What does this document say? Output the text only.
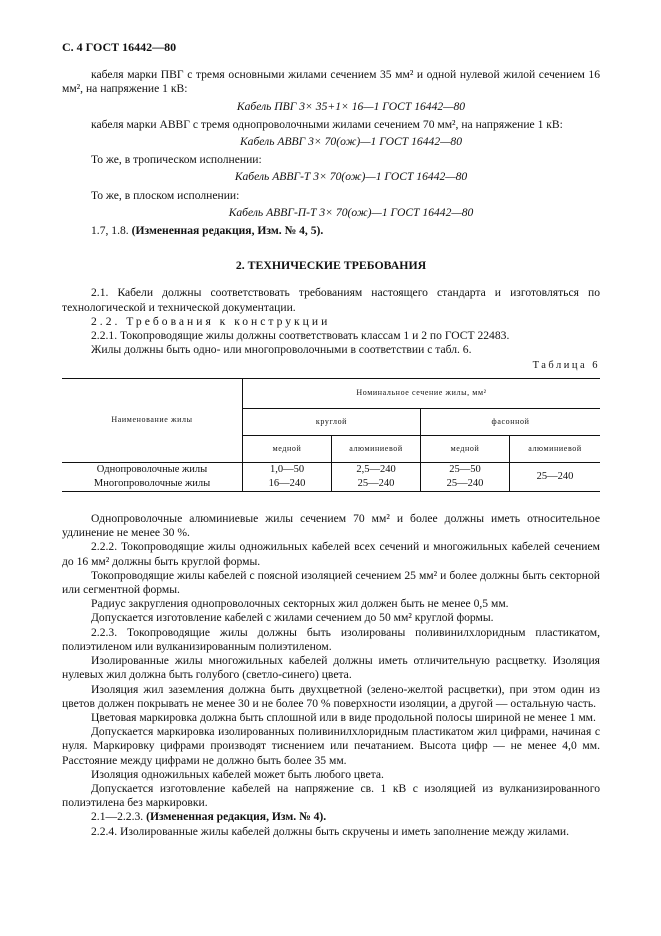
С. 4 ГОСТ 16442—80

кабеля марки ПВГ с тремя основными жилами сечением 35 мм² и одной нулевой жилой сечением 16 мм², на напряжение 1 кВ:

Кабель ПВГ 3× 35+1× 16—1 ГОСТ 16442—80

кабеля марки АВВГ с тремя однопроволочными жилами сечением 70 мм², на напряжение 1 кВ:

Кабель АВВГ 3× 70(ож)—1 ГОСТ 16442—80

То же, в тропическом исполнении:

Кабель АВВГ-Т 3× 70(ож)—1 ГОСТ 16442—80

То же, в плоском исполнении:

Кабель АВВГ-П-Т 3× 70(ож)—1 ГОСТ 16442—80

1.7, 1.8. (Измененная редакция, Изм. № 4, 5).

2. ТЕХНИЧЕСКИЕ ТРЕБОВАНИЯ

2.1. Кабели должны соответствовать требованиям настоящего стандарта и изготовляться по технологической и технической документации.

2.2. Требования к конструкции

2.2.1. Токопроводящие жилы должны соответствовать классам 1 и 2 по ГОСТ 22483.

Жилы должны быть одно- или многопроволочными в соответствии с табл. 6.

Таблица 6
Наименование жилы	Номинальное сечение жилы, мм²			
	круглой		фасонной	
	медной	алюминиевой	медной	алюминиевой
Однопроволочные жилы	1,0—50	2,5—240	25—50	25—240
Многопроволочные жилы	16—240	25—240	25—240	

Однопроволочные алюминиевые жилы сечением 70 мм² и более должны иметь относительное удлинение не менее 30 %.

2.2.2. Токопроводящие жилы одножильных кабелей всех сечений и многожильных кабелей сечением до 16 мм² должны быть круглой формы.

Токопроводящие жилы кабелей с поясной изоляцией сечением 25 мм² и более должны быть секторной или сегментной формы.

Радиус закругления однопроволочных секторных жил должен быть не менее 0,5 мм.

Допускается изготовление кабелей с жилами сечением до 50 мм² круглой формы.

2.2.3. Токопроводящие жилы должны быть изолированы поливинилхлоридным пластикатом, полиэтиленом или вулканизированным полиэтиленом.

Изолированные жилы многожильных кабелей должны иметь отличительную расцветку. Изоляция нулевых жил должна быть голубого (светло-синего) цвета.

Изоляция жил заземления должна быть двухцветной (зелено-желтой расцветки), при этом один из цветов должен покрывать не менее 30 и не более 70 % поверхности изоляции, а другой — остальную часть.

Цветовая маркировка должна быть сплошной или в виде продольной полосы шириной не менее 1 мм.

Допускается маркировка изолированных поливинилхлоридным пластикатом жил цифрами, начиная с нуля. Маркировку цифрами производят тиснением или печатанием. Высота цифр — не менее 4,0 мм. Расстояние между цифрами не должно быть более 35 мм.

Изоляция одножильных кабелей может быть любого цвета.

Допускается изготовление кабелей на напряжение св. 1 кВ с изоляцией из вулканизированного полиэтилена без маркировки.

2.1—2.2.3. (Измененная редакция, Изм. № 4).

2.2.4. Изолированные жилы кабелей должны быть скручены и иметь заполнение между жилами.
